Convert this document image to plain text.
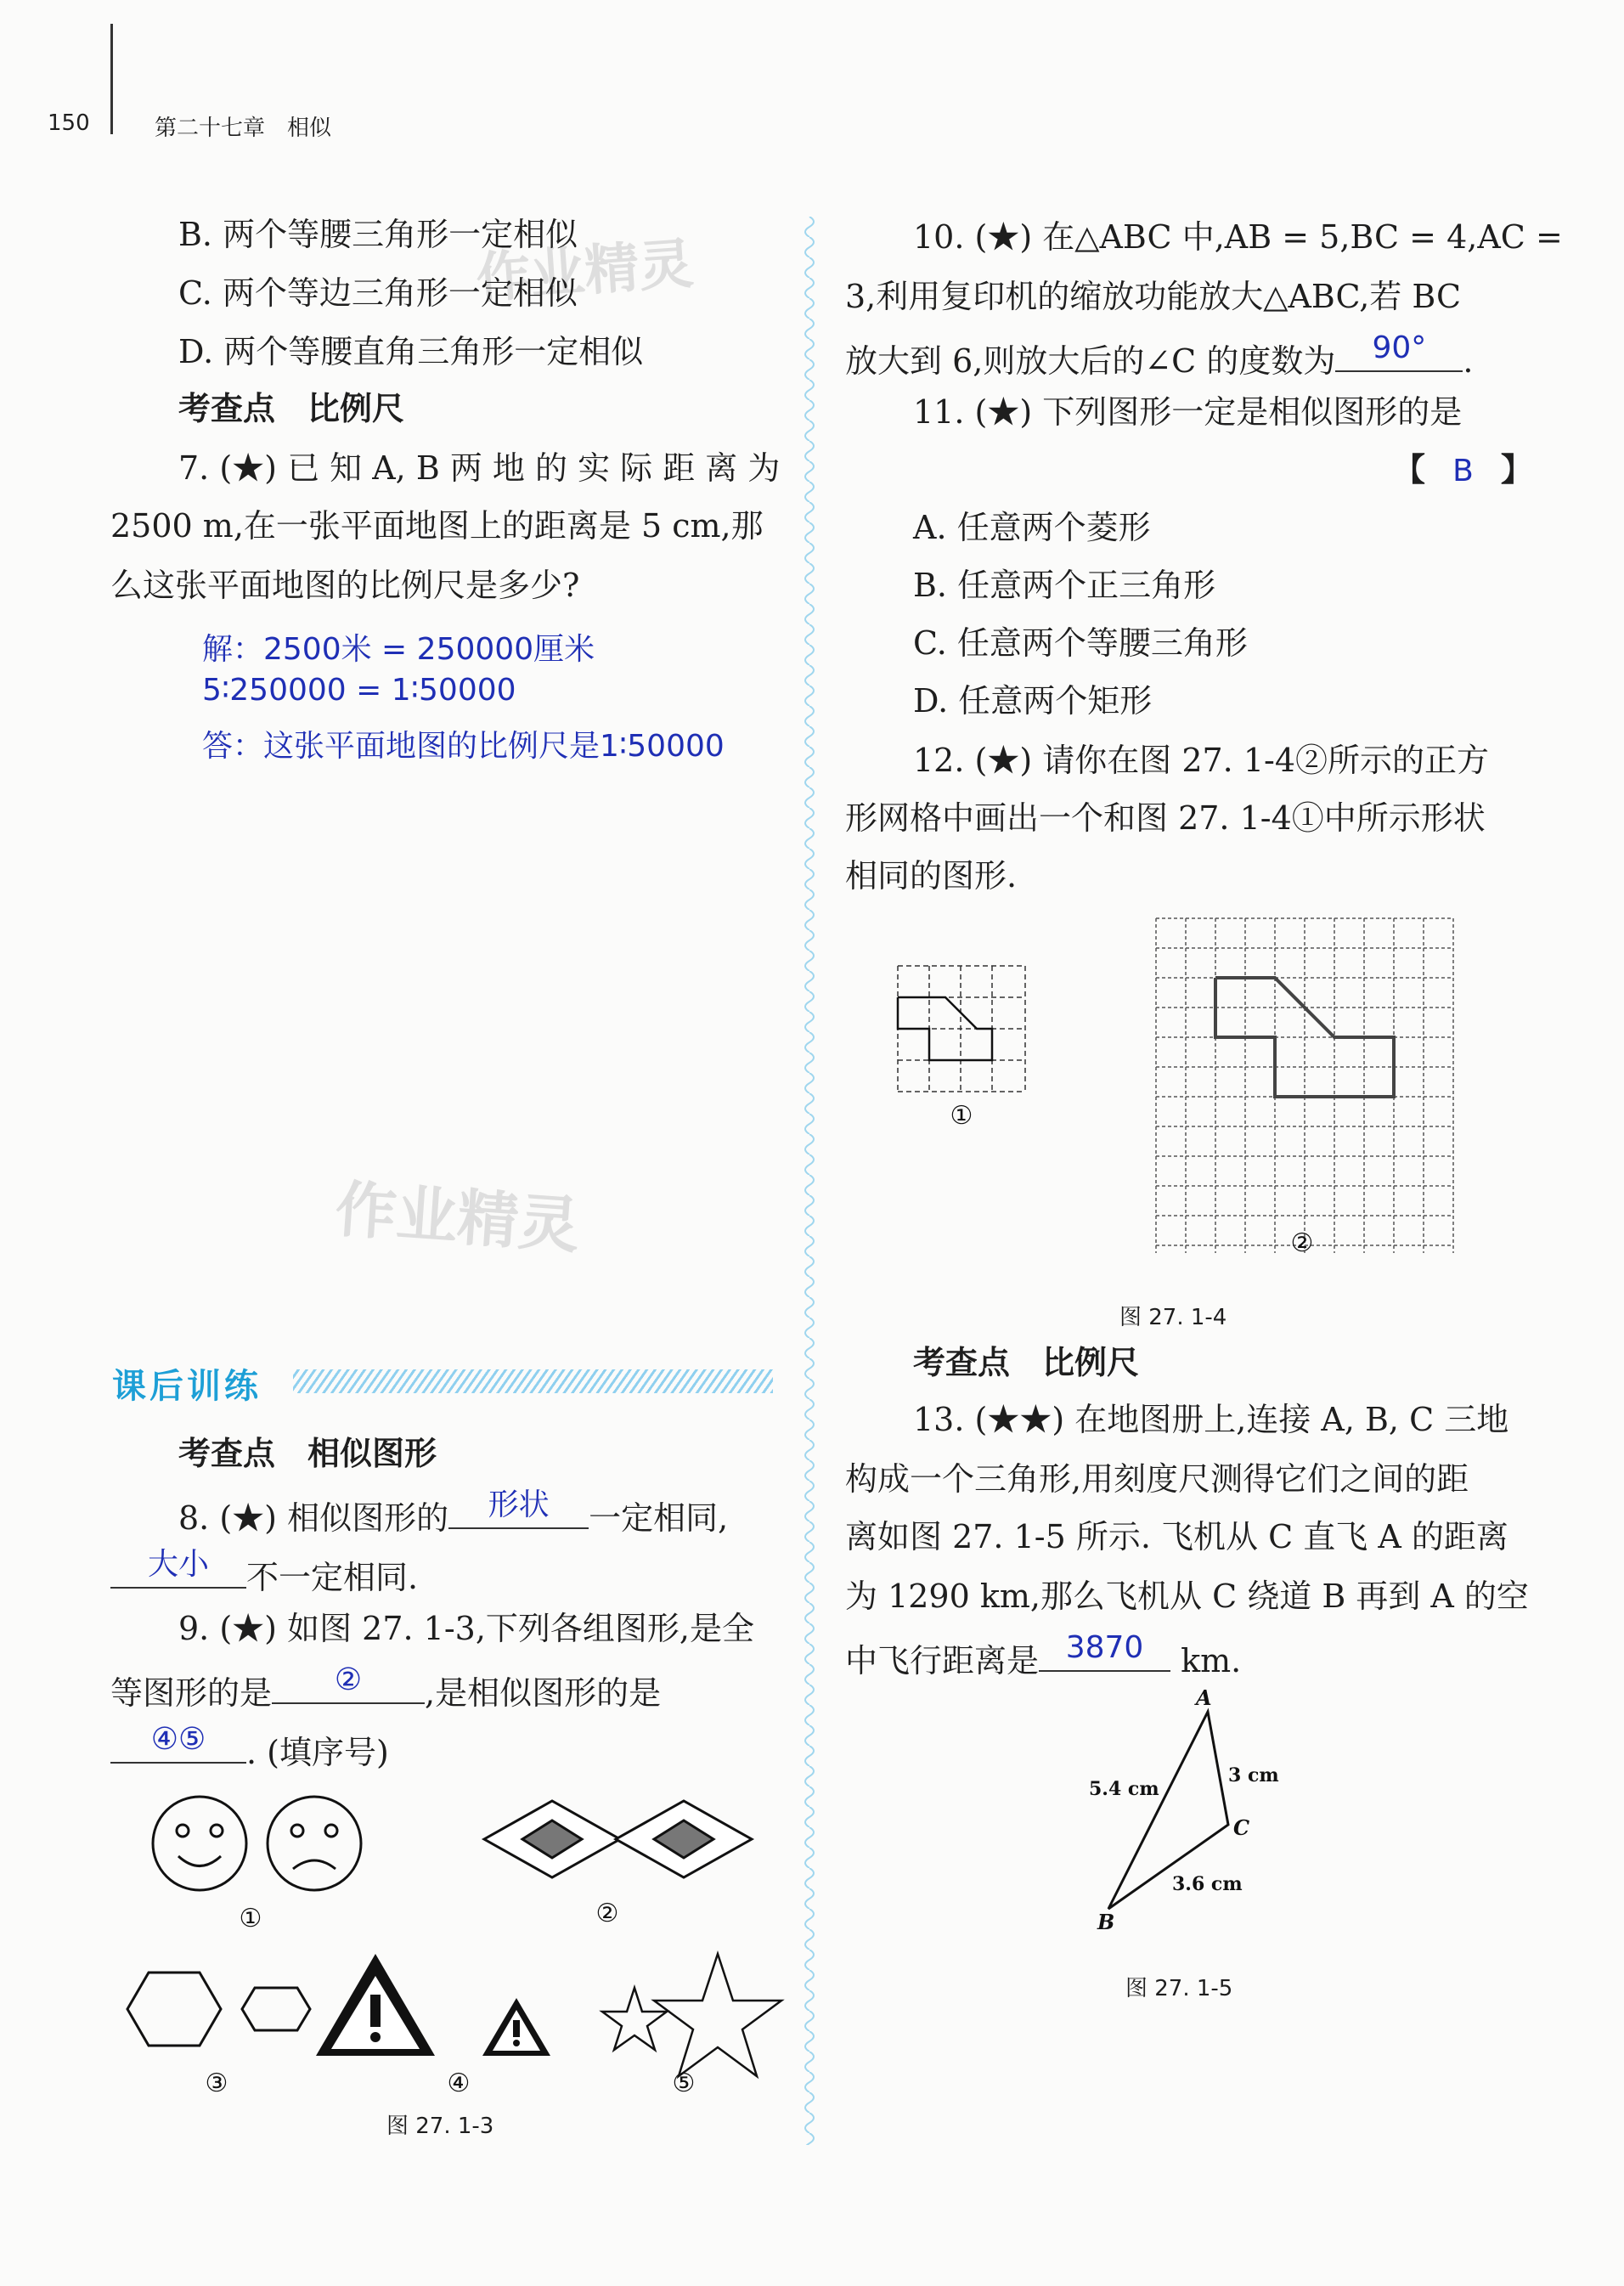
150	第二十七章　相似
作业精灵
作业精灵
B. 两个等腰三角形一定相似
C. 两个等边三角形一定相似
D. 两个等腰直角三角形一定相似
考查点　比例尺
7. (★) 已 知 A, B 两 地 的 实 际 距 离 为
2500 m,在一张平面地图上的距离是 5 cm,那
么这张平面地图的比例尺是多少?
解：2500米 = 250000厘米
5∶250000 = 1∶50000
答：这张平面地图的比例尺是1∶50000
课后训练
考查点　相似图形
8. (★) 相似图形的	形状	一定相同,
大小	不一定相同.
9. (★) 如图 27. 1-3,下列各组图形,是全
等图形的是	②	,是相似图形的是
④⑤	. (填序号)
①	②
③	④	⑤
图 27. 1-3
10. (★) 在△ABC 中,AB = 5,BC = 4,AC =
3,利用复印机的缩放功能放大△ABC,若 BC
放大到 6,则放大后的∠C 的度数为	90°	.
11. (★) 下列图形一定是相似图形的是
【 B 】
A. 任意两个菱形
B. 任意两个正三角形
C. 任意两个等腰三角形
D. 任意两个矩形
12. (★) 请你在图 27. 1-4②所示的正方
形网格中画出一个和图 27. 1-4①中所示形状
相同的图形.
①
②
图 27. 1-4
考查点　比例尺
13. (★★) 在地图册上,连接 A, B, C 三地
构成一个三角形,用刻度尺测得它们之间的距
离如图 27. 1-5 所示. 飞机从 C 直飞 A 的距离
为 1290 km,那么飞机从 C 绕道 B 再到 A 的空
中飞行距离是 3870	km.
A
C
B
5.4 cm
3 cm
3.6 cm
图 27. 1-5
